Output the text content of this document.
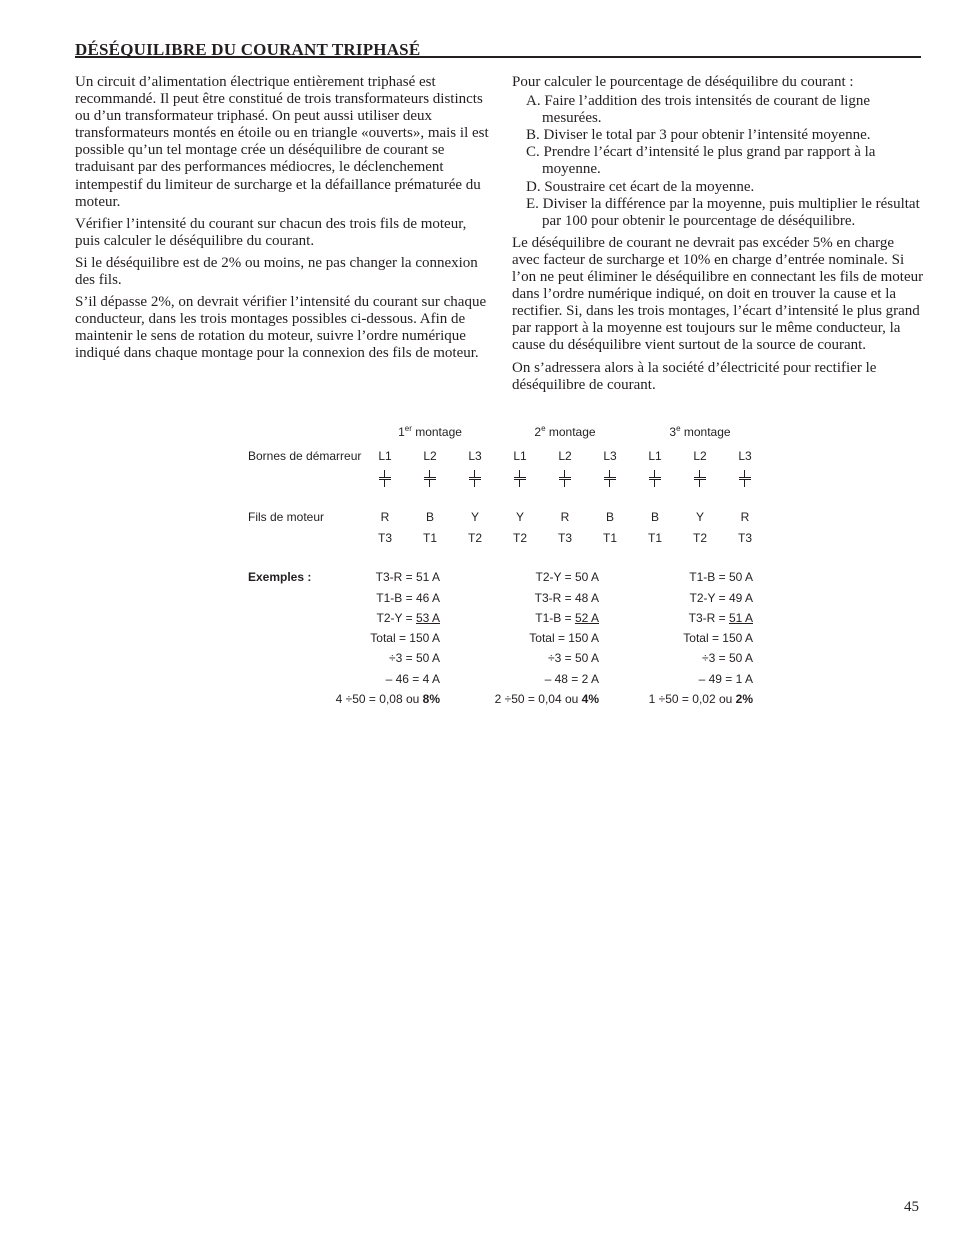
DÉSÉQUILIBRE DU COURANT TRIPHASÉ

Un circuit d’alimentation électrique entièrement triphasé est recommandé. Il peut être constitué de trois transformateurs distincts ou d’un transformateur triphasé. On peut aussi utiliser deux transformateurs montés en étoile ou en triangle «ouverts», mais il est possible qu’un tel montage crée un déséquilibre de courant se traduisant par des performances médiocres, le déclenchement intempestif du limiteur de surcharge et la défaillance prématurée du moteur.

Vérifier l’intensité du courant sur chacun des trois fils de moteur, puis calculer le déséquilibre du courant.

Si le déséquilibre est de 2% ou moins, ne pas changer la connexion des fils.

S’il dépasse 2%, on devrait vérifier l’intensité du courant sur chaque conducteur, dans les trois montages possibles ci-dessous. Afin de maintenir le sens de rotation du moteur, suivre l’ordre numérique indiqué dans chaque montage pour la connexion des fils de moteur.

Pour calculer le pourcentage de déséquilibre du courant :

A. Faire l’addition des trois intensités de courant de ligne mesurées.
B. Diviser le total par 3 pour obtenir l’intensité moyenne.
C. Prendre l’écart d’intensité le plus grand par rapport à la moyenne.
D. Soustraire cet écart de la moyenne.
E. Diviser la différence par la moyenne, puis multiplier le résultat par 100 pour obtenir le pourcentage de déséquilibre.

Le déséquilibre de courant ne devrait pas excéder 5% en charge avec facteur de surcharge et 10% en charge d’entrée nominale. Si l’on ne peut éliminer le déséquilibre en connectant les fils de moteur dans l’ordre numérique indiqué, on doit en trouver la cause et la rectifier. Si, dans les trois montages, l’écart d’intensité le plus grand par rapport à la moyenne est toujours sur le même conducteur, la cause du déséquilibre vient surtout de la source de courant.

On s’adressera alors à la société d’électricité pour rectifier le déséquilibre de courant.

Bornes de démarreur
Fils de moteur
Exemples :
1er montage
L1
R
T3
L2
B
T1
L3
Y
T2
T3-R = 51 A
T1-B = 46 A
T2-Y = 53 A
Total = 150 A
÷3 = 50 A
– 46 = 4 A
4 ÷50 = 0,08 ou 8%
2e montage
L1
Y
T2
L2
R
T3
L3
B
T1
T2-Y = 50 A
T3-R = 48 A
T1-B = 52 A
Total = 150 A
÷3 = 50 A
– 48 = 2 A
2 ÷50 = 0,04 ou 4%
3e montage
L1
B
T1
L2
Y
T2
L3
R
T3
T1-B = 50 A
T2-Y = 49 A
T3-R = 51 A
Total = 150 A
÷3 = 50 A
– 49 = 1 A
1 ÷50 = 0,02 ou 2%
45
